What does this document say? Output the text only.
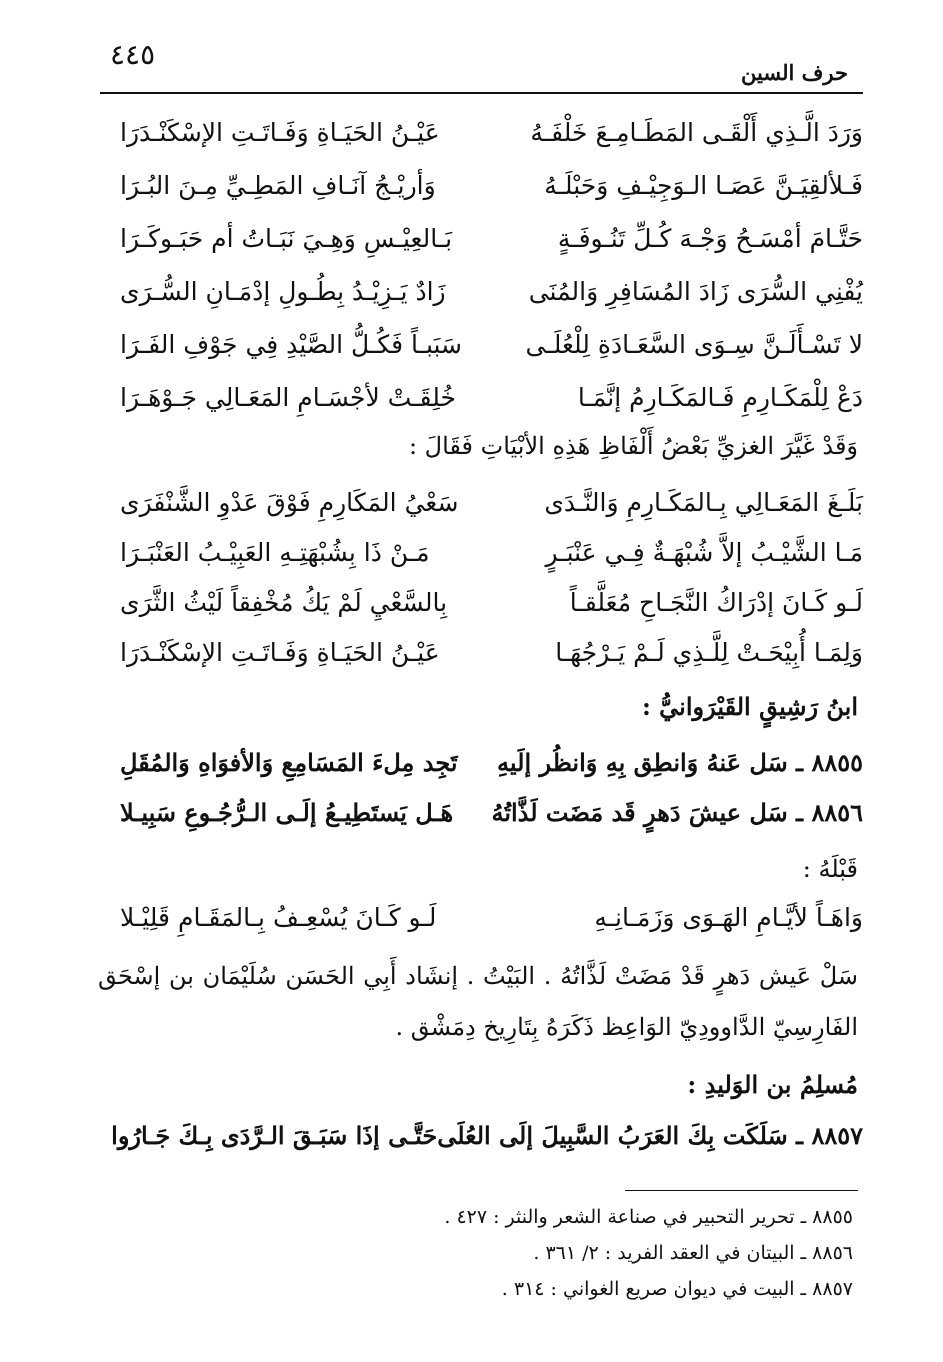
٤٤٥
حرف السين
وَرَدَ الَّـذِي أَلْقَـى المَطَـامِـعَ خَلْفَـهُ
عَيْـنُ الحَيَـاةِ وَفَـاتَـتِ الإسْكَنْـدَرَا
فَـلألقِيَـنَّ عَصَـا الـوَجِيْـفِ وَحَبْلَـهُ
وَأريْـجُ آنَـافِ المَطِـيِّ مِـنَ البُـرَا
حَتَّـامَ أمْسَـحُ وَجْـهَ كُـلِّ تَنُـوفَـةٍ
بَـالعِيْـسِ وَهِـيَ نَبَـاتُ أم حَبَـوكَـرَا
يُفْنِي السُّرَى زَادَ المُسَافِرِ وَالمُنَى
زَادٌ يَـزِيْـدُ بِطُـولِ إدْمَـانِ السُّـرَى
لا تَسْـأَلَـنَّ سِـوَى السَّعَـادَةِ لِلْعُلَـى
سَبَبـاً فَكُـلُّ الصَّيْدِ فِي جَوْفِ الفَـرَا
دَعْ لِلْمَكَـارِمِ فَـالمَكَـارِمُ إنَّمَـا
خُلِقَـتْ لأجْسَـامِ المَعَـالِي جَـوْهَـرَا
وَقَدْ غَيَّرَ الغزيِّ بَعْضُ أَلْفَاظِ هَذِهِ الأبْيَاتِ فَقَالَ :
بَلَـغَ المَعَـالِي بِـالمَكَـارِمِ وَالنَّـدَى
سَعْيُ المَكَارِمِ فَوْقَ عَدْوِ الشَّنْفَرَى
مَـا الشَّيْـبُ إلاَّ شُبْهَـةٌ فِـي عَنْبَـرٍ
مَـنْ ذَا بِشُبْهَتِـهِ العَبِيْـبُ العَنْبَـرَا
لَـو كَـانَ إدْرَاكُ النَّجَـاحِ مُعَلَّقـاً
بِالسَّعْيِ لَمْ يَكُ مُخْفِقاً لَيْثُ الثَّرَى
وَلِمَـا أُبِيْحَـتْ لِلَّـذِي لَـمْ يَـرْجُهَـا
عَيْـنُ الحَيَـاةِ وَفَـاتَـتِ الإسْكَنْـدَرَا
ابنُ رَشِيقٍ القَيْرَوانيُّ :
٨٨٥٥ ـ سَل عَنهُ وَانطِق بِهِ وَانظُر إلَيهِ
تَجِد مِلءَ المَسَامِعِ وَالأفوَاهِ وَالمُقَلِ
٨٨٥٦ ـ سَل عيشَ دَهرٍ قَد مَضَت لَذَّاتُهُ
هَـل يَستَطِيـعُ إلَـى الـرُّجُـوعِ سَبِيـلا
قَبْلَهُ :
وَاهَـاً لأيَّـامِ الهَـوَى وَزَمَـانِـهِ
لَـو كَـانَ يُسْعِـفُ بِـالمَقَـامِ قَلِيْـلا
سَلْ عَيش دَهرٍ قَدْ مَضَتْ لَذَّاتُهُ . البَيْتُ . إنشَاد أَبِي الحَسَن سُلَيْمَان بن إسْحَق
الفَارِسِيّ الدَّاوودِيّ الوَاعِظ ذَكَرَهُ بِتَارِيخ دِمَشْق .
مُسلِمُ بن الوَليدِ :
٨٨٥٧ ـ سَلَكَت بِكَ العَرَبُ السَّبِيلَ إلَى العُلَى
حَتَّـى إذَا سَبَـقَ الـرَّدَى بِـكَ جَـارُوا
٨٨٥٥ ـ تحرير التحبير في صناعة الشعر والنثر : ٤٢٧ .
٨٨٥٦ ـ البيتان في العقد الفريد : ٢/ ٣٦١ .
٨٨٥٧ ـ البيت في ديوان صريع الغواني : ٣١٤ .
